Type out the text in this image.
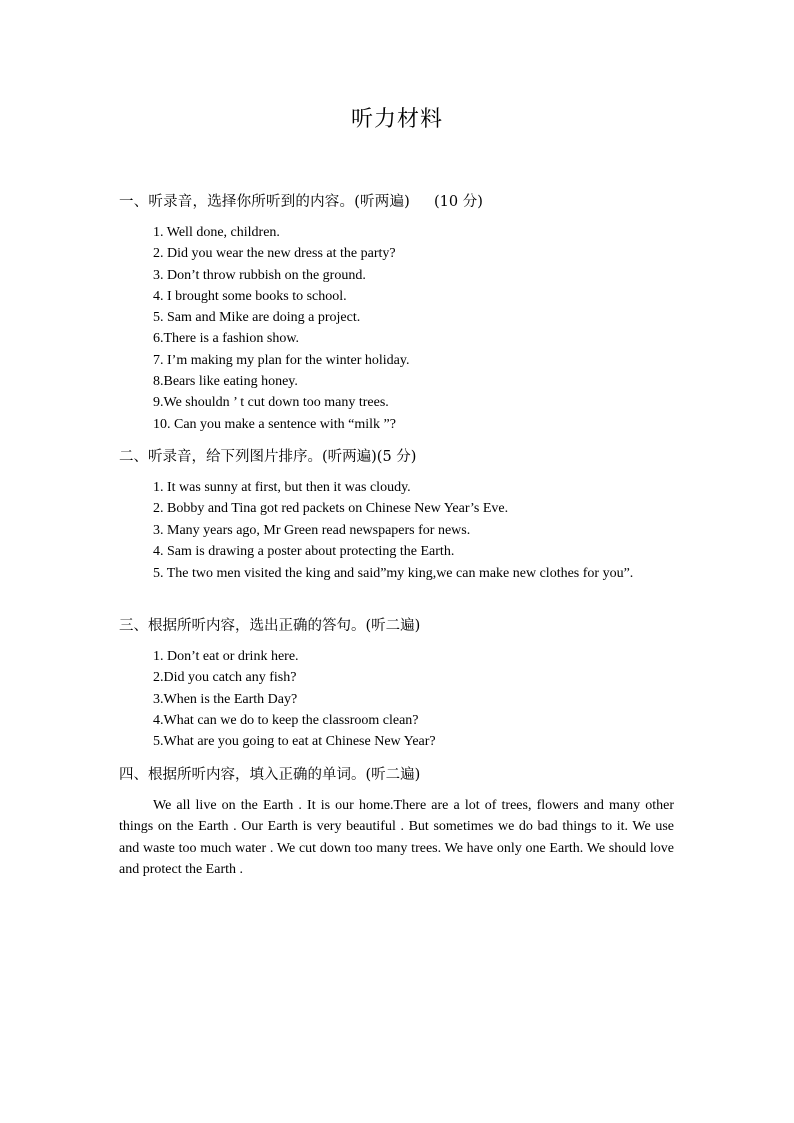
听力材料
一、听录音，选择你所听到的内容。(听两遍) (10 分)
1. Well done, children.
2. Did you wear the new dress at the party?
3. Don’t throw rubbish on the ground.
4. I brought some books to school.
5. Sam and Mike are doing a project.
6.There is a fashion show.
7. I’m making my plan for the winter holiday.
8.Bears like eating honey.
9.We shouldn ’ t cut down too many trees.
10. Can you make a sentence with “milk ”?
二、听录音，给下列图片排序。(听两遍)(5 分)
1. It was sunny at first, but then it was cloudy.
2. Bobby and Tina got red packets on Chinese New Year’s Eve.
3. Many years ago, Mr Green read newspapers for news.
4. Sam is drawing a poster about protecting the Earth.

5. The two men visited the king and said”my king,we can make new clothes for you”.

三、根据所听内容，选出正确的答句。(听二遍)
1. Don’t eat or drink here.
2.Did you catch any fish?
3.When is the Earth Day?
4.What can we do to keep the classroom clean?
5.What are you going to eat at Chinese New Year?
四、根据所听内容，填入正确的单词。(听二遍)

We all live on the Earth . It is our home.There are a lot of trees, flowers and many other things on the Earth . Our Earth is very beautiful . But sometimes we do bad things to it. We use and waste too much water . We cut down too many trees. We have only one Earth. We should love and protect the Earth .
